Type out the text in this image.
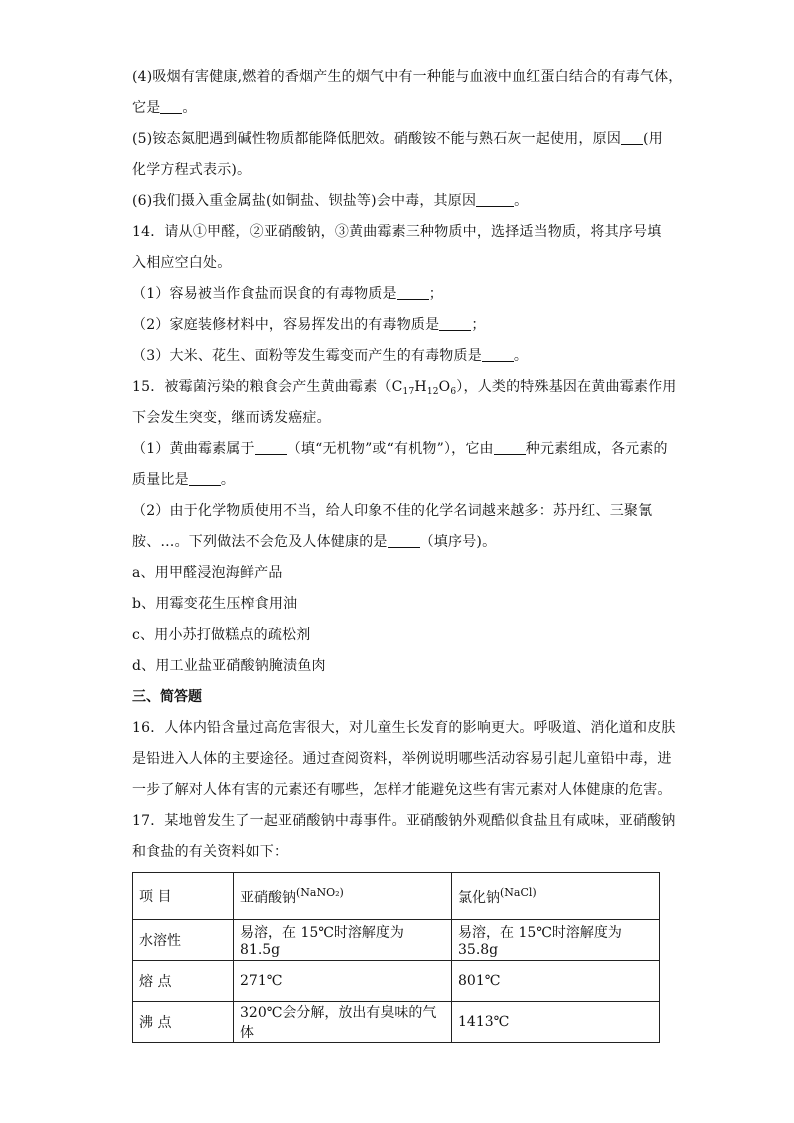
(4)吸烟有害健康,燃着的香烟产生的烟气中有一种能与血液中血红蛋白结合的有毒气体，
它是 。
(5)铵态氮肥遇到碱性物质都能降低肥效。硝酸铵不能与熟石灰一起使用，原因 (用
化学方程式表示)。
(6)我们摄入重金属盐(如铜盐、钡盐等)会中毒，其原因	。
14．请从①甲醛，②亚硝酸钠，③黄曲霉素三种物质中，选择适当物质，将其序号填
入相应空白处。
（1）容易被当作食盐而误食的有毒物质是 ；
（2）家庭装修材料中，容易挥发出的有毒物质是 ；
（3）大米、花生、面粉等发生霉变而产生的有毒物质是 。
15．被霉菌污染的粮食会产生黄曲霉素$(C_{17}H_{12}O_6)$，人类的特殊基因在黄曲霉素作用
下会发生突变，继而诱发癌症。
（1）黄曲霉素属于 （填“无机物”或“有机物”），它由 种元素组成，各元素的
质量比是 。
（2）由于化学物质使用不当，给人印象不佳的化学名词越来越多：苏丹红、三聚氰
胺、…。下列做法不会危及人体健康的是 （填序号)。
a、用甲醛浸泡海鲜产品
b、用霉变花生压榨食用油
c、用小苏打做糕点的疏松剂
d、用工业盐亚硝酸钠腌渍鱼肉
三、简答题
16．人体内铅含量过高危害很大，对儿童生长发育的影响更大。呼吸道、消化道和皮肤
是铅进入人体的主要途径。通过查阅资料，举例说明哪些活动容易引起儿童铅中毒，进
一步了解对人体有害的元素还有哪些，怎样才能避免这些有害元素对人体健康的危害。
17．某地曾发生了一起亚硝酸钠中毒事件。亚硝酸钠外观酷似食盐且有咸味，亚硝酸钠
和食盐的有关资料如下：
项 目	亚硝酸钠$^{(NaNO_2)}$	氯化钠$^{(NaCl)}$
水溶性	易溶，在 15℃时溶解度为 81.5g	易溶，在 15℃时溶解度为 35.8g
熔 点	271℃	801℃
沸 点	320℃会分解，放出有臭味的气体	1413℃
